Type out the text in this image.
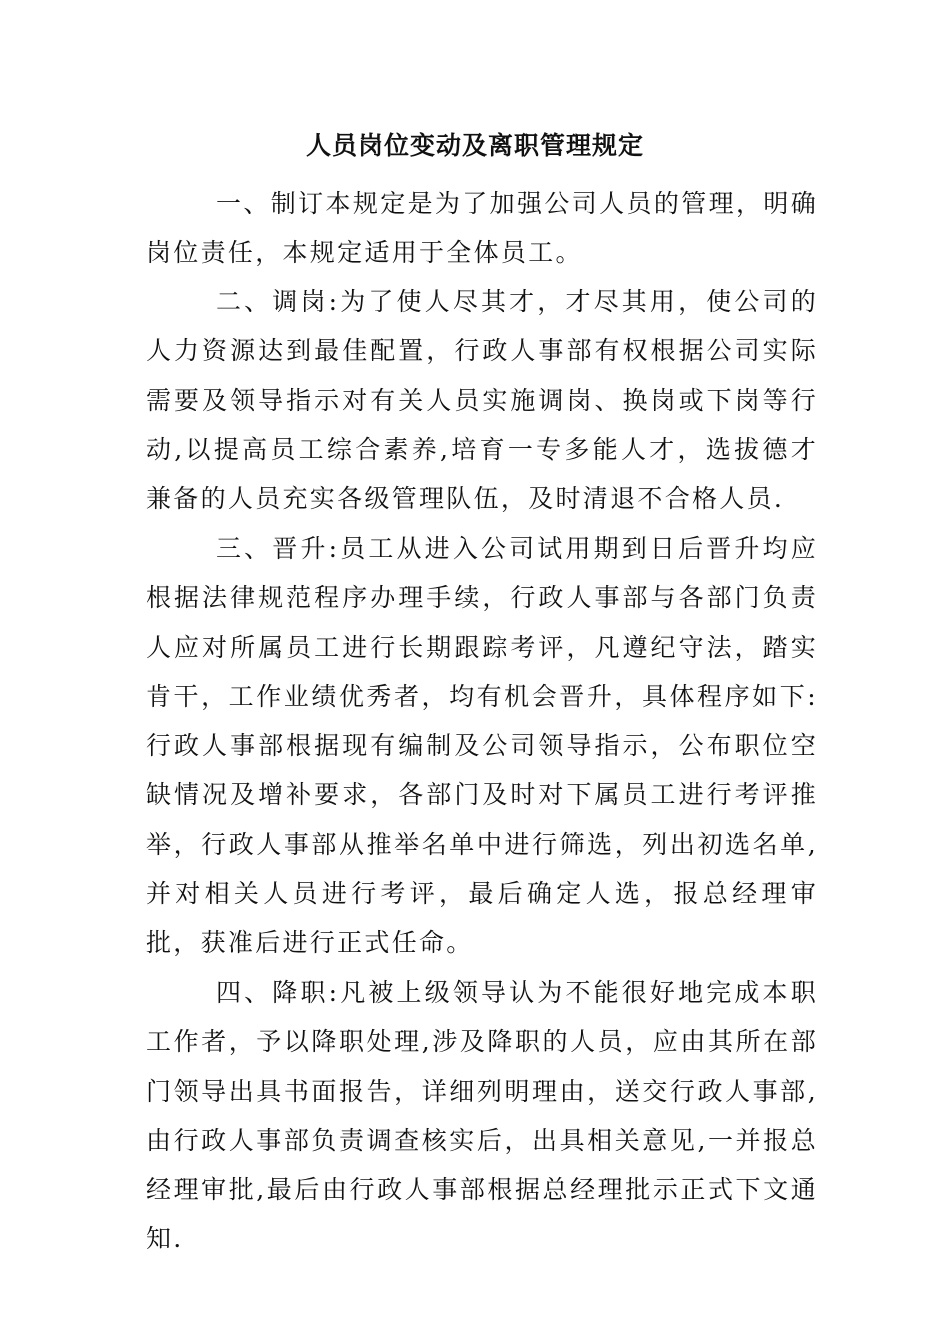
人员岗位变动及离职管理规定

一、制订本规定是为了加强公司人员的管理，明确岗位责任，本规定适用于全体员工。

二、调岗:为了使人尽其才，才尽其用，使公司的人力资源达到最佳配置，行政人事部有权根据公司实际需要及领导指示对有关人员实施调岗、换岗或下岗等行动,以提高员工综合素养,培育一专多能人才，选拔德才兼备的人员充实各级管理队伍，及时清退不合格人员.

三、晋升:员工从进入公司试用期到日后晋升均应根据法律规范程序办理手续，行政人事部与各部门负责人应对所属员工进行长期跟踪考评，凡遵纪守法，踏实肯干，工作业绩优秀者，均有机会晋升，具体程序如下:行政人事部根据现有编制及公司领导指示，公布职位空缺情况及增补要求，各部门及时对下属员工进行考评推举，行政人事部从推举名单中进行筛选，列出初选名单,并对相关人员进行考评，最后确定人选，报总经理审批，获准后进行正式任命。

四、降职:凡被上级领导认为不能很好地完成本职工作者，予以降职处理,涉及降职的人员，应由其所在部门领导出具书面报告，详细列明理由，送交行政人事部,由行政人事部负责调查核实后，出具相关意见,一并报总经理审批,最后由行政人事部根据总经理批示正式下文通知.
